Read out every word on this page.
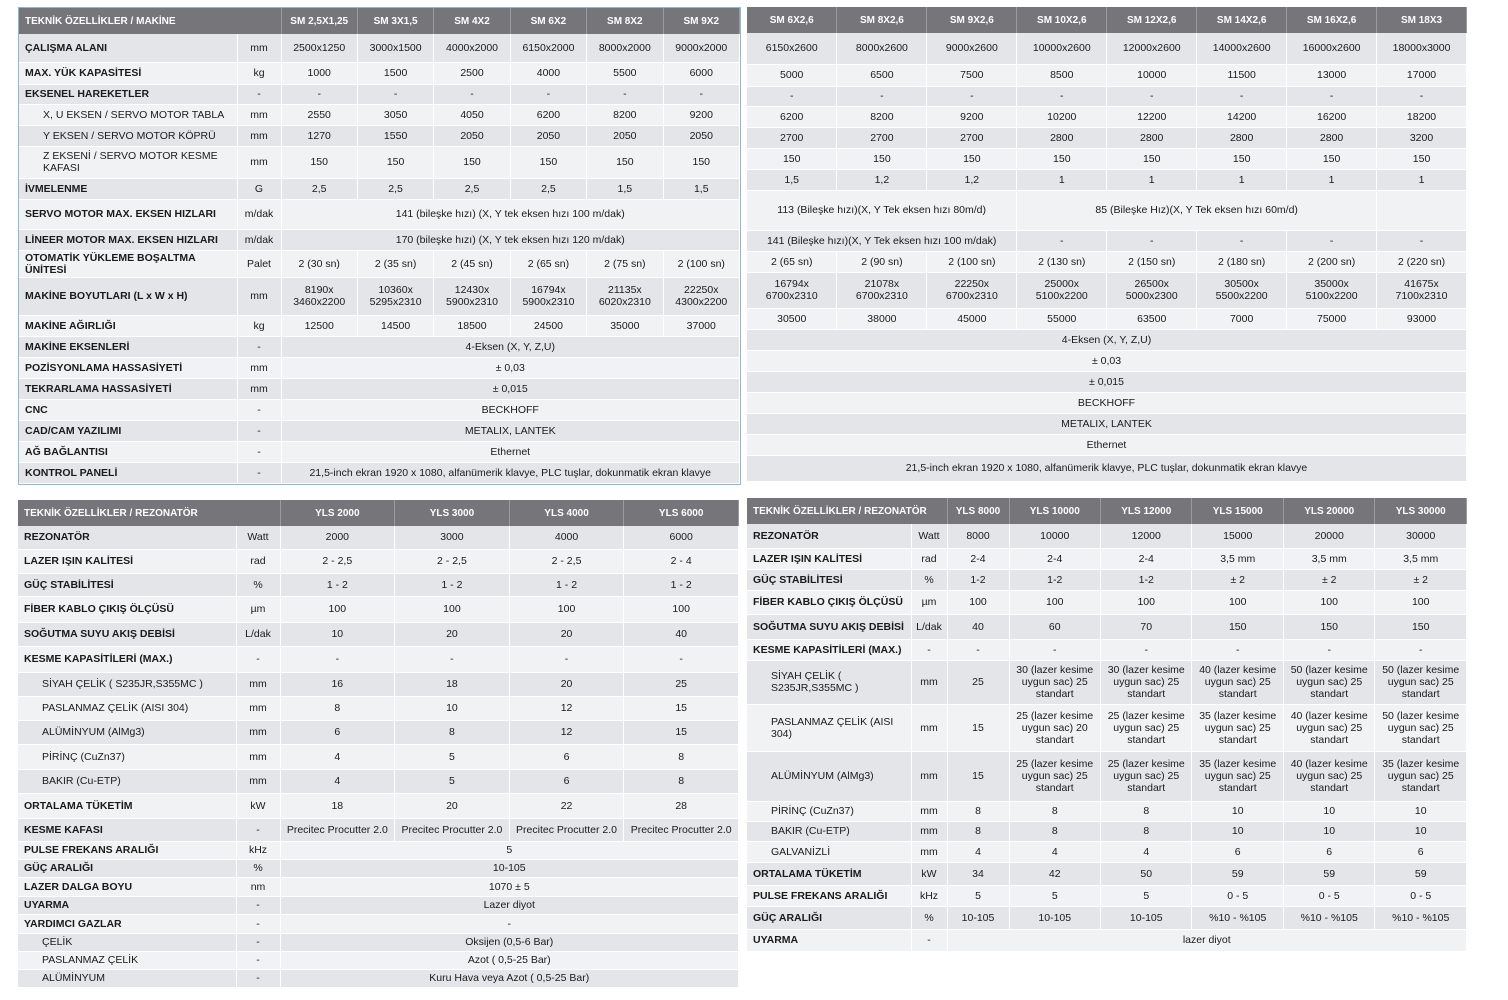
TEKNİK ÖZELLİKLER / MAKİNE		SM 2,5X1,25	SM 3X1,5	SM 4X2	SM 6X2	SM 8X2	SM 9X2
ÇALIŞMA ALANI	mm	2500x1250	3000x1500	4000x2000	6150x2000	8000x2000	9000x2000
MAX. YÜK KAPASİTESİ	kg	1000	1500	2500	4000	5500	6000
EKSENEL HAREKETLER	-	-	-	-	-	-	-
X, U EKSEN / SERVO MOTOR TABLA	mm	2550	3050	4050	6200	8200	9200
Y EKSEN / SERVO MOTOR KÖPRÜ	mm	1270	1550	2050	2050	2050	2050
Z EKSENİ / SERVO MOTOR KESME KAFASI	mm	150	150	150	150	150	150
İVMELENME	G	2,5	2,5	2,5	2,5	1,5	1,5
SERVO MOTOR MAX. EKSEN HIZLARI	m/dak	141 (bileşke hızı) (X, Y tek eksen hızı 100 m/dak)					
LİNEER MOTOR MAX. EKSEN HIZLARI	m/dak	170 (bileşke hızı) (X, Y tek eksen hızı 120 m/dak)					
OTOMATİK YÜKLEME BOŞALTMA ÜNİTESİ	Palet	2 (30 sn)	2 (35 sn)	2 (45 sn)	2 (65 sn)	2 (75 sn)	2 (100 sn)
MAKİNE BOYUTLARI (L x W x H)	mm	8190x 3460x2200	10360x 5295x2310	12430x 5900x2310	16794x 5900x2310	21135x 6020x2310	22250x 4300x2200
MAKİNE AĞIRLIĞI	kg	12500	14500	18500	24500	35000	37000
MAKİNE EKSENLERİ	-	4-Eksen (X, Y, Z,U)					
POZİSYONLAMA HASSASİYETİ	mm	± 0,03					
TEKRARLAMA HASSASİYETİ	mm	± 0,015					
CNC	-	BECKHOFF					
CAD/CAM YAZILIMI	-	METALIX, LANTEK					
AĞ BAĞLANTISI	-	Ethernet					
KONTROL PANELİ	-	21,5-inch ekran 1920 x 1080, alfanümerik klavye, PLC tuşlar, dokunmatik ekran klavye					
SM 6X2,6	SM 8X2,6	SM 9X2,6	SM 10X2,6	SM 12X2,6	SM 14X2,6	SM 16X2,6	SM 18X3
6150x2600	8000x2600	9000x2600	10000x2600	12000x2600	14000x2600	16000x2600	18000x3000
5000	6500	7500	8500	10000	11500	13000	17000
-	-	-	-	-	-	-	-
6200	8200	9200	10200	12200	14200	16200	18200
2700	2700	2700	2800	2800	2800	2800	3200
150	150	150	150	150	150	150	150
1,5	1,2	1,2	1	1	1	1	1
113 (Bileşke hızı)(X, Y Tek eksen hızı 80m/d)			85 (Bileşke Hız)(X, Y Tek eksen hızı 60m/d)				
141 (Bileşke hızı)(X, Y Tek eksen hızı 100 m/dak)			-	-	-	-	-
2 (65 sn)	2 (90 sn)	2 (100 sn)	2 (130 sn)	2 (150 sn)	2 (180 sn)	2 (200 sn)	2 (220 sn)
16794x 6700x2310	21078x 6700x2310	22250x 6700x2310	25000x 5100x2200	26500x 5000x2300	30500x 5500x2200	35000x 5100x2200	41675x 7100x2310
30500	38000	45000	55000	63500	7000	75000	93000
4-Eksen (X, Y, Z,U)							
± 0,03							
± 0,015							
BECKHOFF							
METALIX, LANTEK							
Ethernet							
21,5-inch ekran 1920 x 1080, alfanümerik klavye, PLC tuşlar, dokunmatik ekran klavye							
TEKNİK ÖZELLİKLER / REZONATÖR		YLS 2000	YLS 3000	YLS 4000	YLS 6000
REZONATÖR	Watt	2000	3000	4000	6000
LAZER IŞIN KALİTESİ	rad	2 - 2,5	2 - 2,5	2 - 2,5	2 - 4
GÜÇ STABİLİTESİ	%	1 - 2	1 - 2	1 - 2	1 - 2
FİBER KABLO ÇIKIŞ ÖLÇÜSÜ	µm	100	100	100	100
SOĞUTMA SUYU AKIŞ DEBİSİ	L/dak	10	20	20	40
KESME KAPASİTİLERİ (MAX.)	-	-	-	-	-
SİYAH ÇELİK ( S235JR,S355MC )	mm	16	18	20	25
PASLANMAZ ÇELİK (AISI 304)	mm	8	10	12	15
ALÜMİNYUM (AlMg3)	mm	6	8	12	15
PİRİNÇ (CuZn37)	mm	4	5	6	8
BAKIR (Cu-ETP)	mm	4	5	6	8
ORTALAMA TÜKETİM	kW	18	20	22	28
KESME KAFASI	-	Precitec Procutter 2.0	Precitec Procutter 2.0	Precitec Procutter 2.0	Precitec Procutter 2.0
PULSE FREKANS ARALIĞI	kHz	5			
GÜÇ ARALIĞI	%	10-105			
LAZER DALGA BOYU	nm	1070 ± 5			
UYARMA	-	Lazer diyot			
YARDIMCI GAZLAR	-	-			
ÇELİK	-	Oksijen (0,5-6 Bar)			
PASLANMAZ ÇELİK	-	Azot ( 0,5-25 Bar)			
ALÜMİNYUM	-	Kuru Hava veya Azot ( 0,5-25 Bar)			
TEKNİK ÖZELLİKLER / REZONATÖR		YLS 8000	YLS 10000	YLS 12000	YLS 15000	YLS 20000	YLS 30000
REZONATÖR	Watt	8000	10000	12000	15000	20000	30000
LAZER IŞIN KALİTESİ	rad	2-4	2-4	2-4	3,5 mm	3,5 mm	3,5 mm
GÜÇ STABİLİTESİ	%	1-2	1-2	1-2	± 2	± 2	± 2
FİBER KABLO ÇIKIŞ ÖLÇÜSÜ	µm	100	100	100	100	100	100
SOĞUTMA SUYU AKIŞ DEBİSİ	L/dak	40	60	70	150	150	150
KESME KAPASİTİLERİ (MAX.)	-	-	-	-	-	-	-
SİYAH ÇELİK ( S235JR,S355MC )	mm	25	30 (lazer kesime uygun sac) 25 standart	30 (lazer kesime uygun sac) 25 standart	40 (lazer kesime uygun sac) 25 standart	50 (lazer kesime uygun sac) 25 standart	50 (lazer kesime uygun sac) 25 standart
PASLANMAZ ÇELİK (AISI 304)	mm	15	25 (lazer kesime uygun sac) 20 standart	25 (lazer kesime uygun sac) 25 standart	35 (lazer kesime uygun sac) 25 standart	40 (lazer kesime uygun sac) 25 standart	50 (lazer kesime uygun sac) 25 standart
ALÜMİNYUM (AlMg3)	mm	15	25 (lazer kesime uygun sac) 25 standart	25 (lazer kesime uygun sac) 25 standart	35 (lazer kesime uygun sac) 25 standart	40 (lazer kesime uygun sac) 25 standart	35 (lazer kesime uygun sac) 25 standart
PİRİNÇ (CuZn37)	mm	8	8	8	10	10	10
BAKIR (Cu-ETP)	mm	8	8	8	10	10	10
GALVANİZLİ	mm	4	4	4	6	6	6
ORTALAMA TÜKETİM	kW	34	42	50	59	59	59
PULSE FREKANS ARALIĞI	kHz	5	5	5	0 - 5	0 - 5	0 - 5
GÜÇ ARALIĞI	%	10-105	10-105	10-105	%10 - %105	%10 - %105	%10 - %105
UYARMA	-	lazer diyot					
